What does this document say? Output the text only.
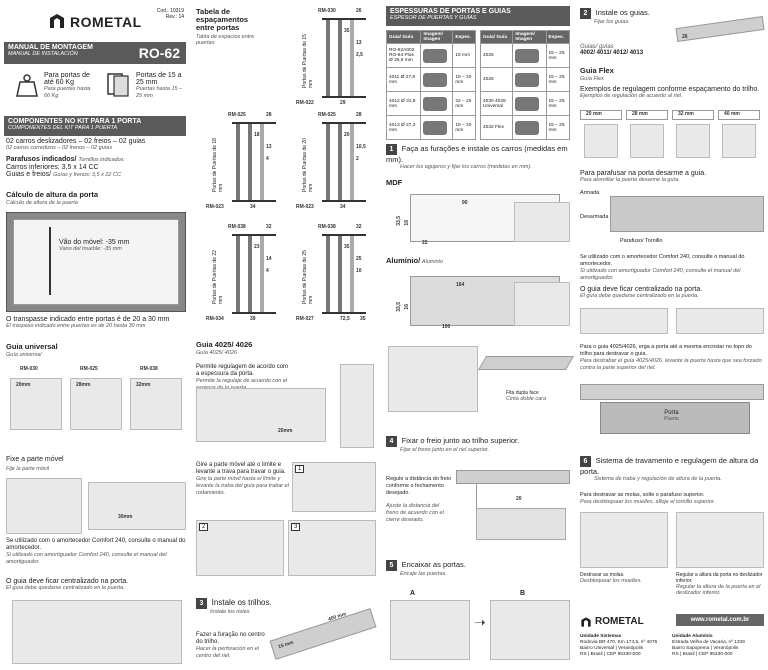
ROMETAL
Cod.: 10319
Rev.: 14
MANUAL DE MONTAGEM
MANUAL DE INSTALACIÓN	RO-62
Para portas de até 60 Kg
Para puertas hasta 60 Kg
Portas de 15 a 25 mm
Puertas hasta 15 – 25 mm
COMPONENTES NO KIT PARA 1 PORTA
COMPONENTES DEL KIT PARA 1 PUERTA
02 carros deslizadores – 02 freios – 02 guias
02 carros corredizos – 02 frenos – 02 guías
Parafusos indicados/ Tornillos indicados:
Carros inferiores: 3,5 x 14 CC
Guias e freios/ Guías y frenos: 3,5 x 22 CC
Cálculo de altura da porta
Cálculo de altura de la puerta
Vão do móvel: -35 mm
Vano del mueble: -35 mm
O transpasse indicado entre portas é de 20 a 30 mm
El traspaso indicado entre puertas es de 20 hasta 30 mm
Guia universal
Guía universal
RM-030
20mm
RM-025
28mm
RM-038
32mm
Fixe a parte móvel
Fije la parte móvil
30mm
Se utilizado com o amortecedor Comfort 240, consulte o manual do amortecedor.
Si utilizado con amortiguador Comfort 240, consulte el manual del amortiguador.
O guia deve ficar centralizado na porta.
El guía debe quedarse centralizado en la puerta.
Tabela de espaçamentos entre portas
Tabla de espacios entre puertas
RM-030	26
35
13
2,5
Portas de Puertas de 15 mm
RM-022	29
RM-025	28
18
13
4
Portas de Puertas de 18 mm
RM-023	34
RM-025	28
20
10,5
2
Portas de Puertas de 20 mm
RM-023	34
RM-038	32
23
14
4
Portas de Puertas de 22 mm
RM-034	39
RM-038	32
35
25
10
Portas de Puertas de 25 mm
RM-027	72,5 35
Guia 4025/ 4026
Guía 4025/ 4026
Permite regulagem de acordo com a espessura da porta.
Permite la regulaje de acuerdo con el
20mm
Gire a parte móvel até o limite e levante a trava para travar o guia.
Gire la parte móvil hasta el límite y levante la traba del guía para trabar el rodamiento.
1
2	3
3 Instale os trilhos.
Instale los rieles.
Fazer a furação no centro do trilho.
Hacer la perforación en el centro del riel.
15 mm
400 mm
ESPESSURAS DE PORTAS E GUIAS
ESPESOR DE PUERTAS Y GUÍAS
Guia/ Guía	Imagem/ Imagen	Espes.
RO-62A002 RO-64 Plus Ø 25,8 mm		15 mm
4011 Ø 27,8 mm		18 – 20 mm
4012 Ø 31,8 mm		22 – 25 mm
4013 Ø 27,3 mm		18 – 20 mm
Guia/ Guía	Imagem/ Imagen	Espes.
4025		15 – 25 mm
4026		15 – 25 mm
4030 4028 Universal		15 – 25 mm
4032 Flex		15 – 25 mm
1 Faça as furações e instale os carros (medidas em mm).
Hacer los agujeros y fijar los carros (medidas en mm).
MDF
90
33,5 16
22
Alumínio/ Aluminio
164
33,5 16
100
Fita dupla face
Cinta doble cara
4 Fixar o freio junto ao trilho superior.
Fijar el freno junto en el riel superior.
Regule a distância do freio conforme o fechamento desejado.
Ajuste la distancia del freno de acuerdo con el cierre deseado.
20
5 Encaixar as portas.
Encaje las puertas.
A
➝
B
2 Instale os guias.
Fijar los guías.
26
Guias/ guías
4002/ 4011/ 4012/ 4013
Guia Flex
Guía Flex
Exemplos de regulagem conforme espaçamento do trilho.
Ejemplos de regulación de acuerdo al riel.
20 mm	28 mm	32 mm	40 mm
Para parafusar na porta desarme a guia.
Para atornillar la puerta desarme la guía.
Armada
Desarmada
Parafuso/ Tornillo
Se utilizado com o amortecedor Comfort 240, consulte o manual do amortecedor.
Si utilizado con amortiguador Comfort 240, consulte el manual del amortiguador.
O guia deve ficar centralizado na porta.
El guía debe quedarse centralizado en la puerta.
Para o guia 4025/4026, erga a porta até a mesma encostar no topo do trilho para destravar o guia.
Para destrabar el guía 4025/4026, levante la puerta hasta que sea forzado contra la parte superior del riel.
Porta
Puerta
6 Sistema de travamento e regulagem de altura da porta.
Sistema de traba y regulación de altura de la puerta.
Para destravar as molas, solte o parafuso superior.
Para desbloquear los muelles, afloje el tornillo superior.
Destravar as molas.
Desbloquear los muelles.
Regular a altura da porta no deslizador inferior.
Regular la altura de la puerta en el deslizador inferior.
ROMETAL	www.rometal.com.br
Unidade Sistemas
Rodovia BR 470, Km 174,5, nº 4075
Bairro Universal | Veranópolis
RS | Brasil | CEP 95330-000
Unidade Alumínio
Estrada Velha de Vacaria, nº 1339
Bairro Sapopema | Veranópolis
RS | Brasil | CEP 95330-000
